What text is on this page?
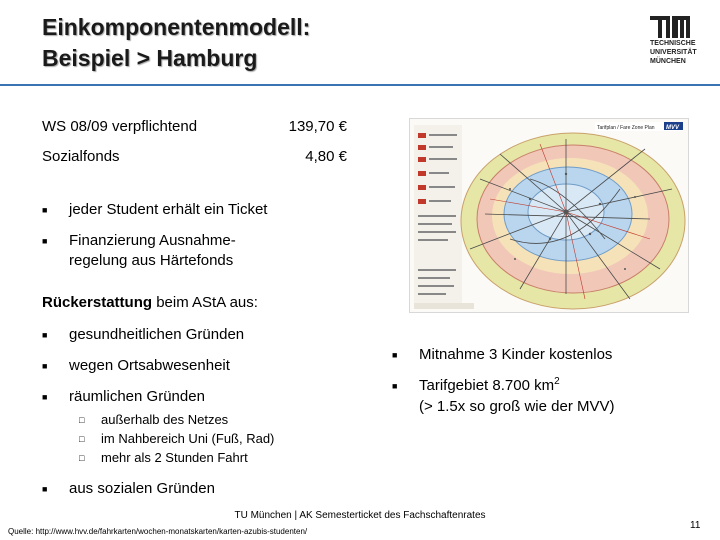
Einkomponentenmodell:
Beispiel > Hamburg
TECHNISCHE
UNIVERSITÄT
MÜNCHEN
WS 08/09 verpflichtend	139,70 €
Sozialfonds	4,80 €
■ jeder Student erhält ein Ticket
■ Finanzierung Ausnahme-
regelung aus Härtefonds
Rückerstattung beim AStA aus:
■ gesundheitlichen Gründen
■ wegen Ortsabwesenheit
■ räumlichen Gründen
□ außerhalb des Netzes
□ im Nahbereich Uni (Fuß, Rad)
□ mehr als 2 Stunden Fahrt
■ aus sozialen Gründen
Tarifplan / Fare Zone Plan MVV
■ Mitnahme 3 Kinder kostenlos
■ Tarifgebiet 8.700 $km^2$
(> 1.5x so groß wie der MVV)
TU München | AK Semesterticket des Fachschaftenrates
11
Quelle: http://www.hvv.de/fahrkarten/wochen-monatskarten/karten-azubis-studenten/
